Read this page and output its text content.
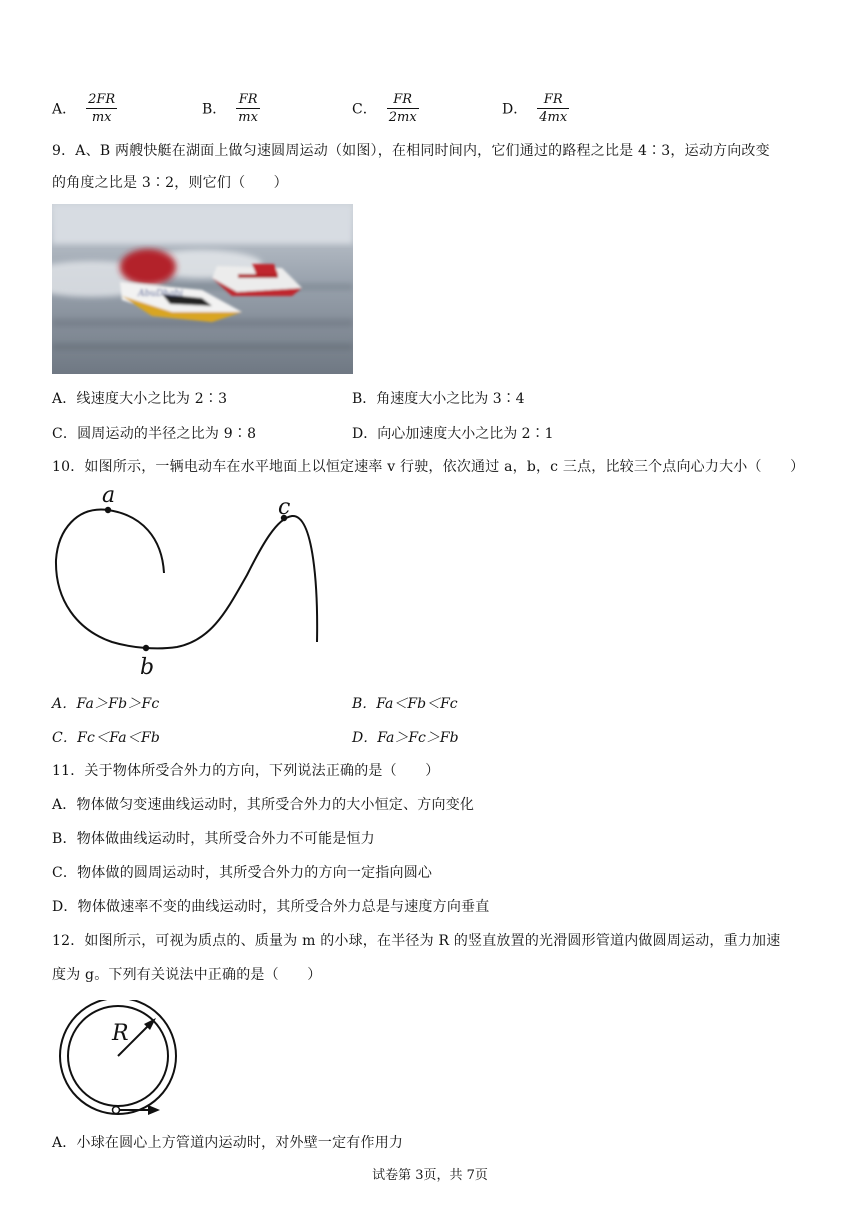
A． $\frac{2FR}{mx}$	B． $\frac{FR}{mx}$	C． $\frac{FR}{2mx}$	D． $\frac{FR}{4mx}$
9．A、B 两艘快艇在湖面上做匀速圆周运动（如图），在相同时间内，它们通过的路程之比是 4∶3，运动方向改变
的角度之比是 3∶2，则它们（　　）
AbuDhabi
A．线速度大小之比为 2∶3	B．角速度大小之比为 3∶4
C．圆周运动的半径之比为 9∶8	D．向心加速度大小之比为 2∶1
10．如图所示，一辆电动车在水平地面上以恒定速率 v 行驶，依次通过 a，b，c 三点，比较三个点向心力大小（　　）
a
b
c
A．Fa＞Fb＞Fc	B．Fa＜Fb＜Fc
C．Fc＜Fa＜Fb	D．Fa＞Fc＞Fb
11．关于物体所受合外力的方向，下列说法正确的是（　　）
A．物体做匀变速曲线运动时，其所受合外力的大小恒定、方向变化
B．物体做曲线运动时，其所受合外力不可能是恒力
C．物体做的圆周运动时，其所受合外力的方向一定指向圆心
D．物体做速率不变的曲线运动时，其所受合外力总是与速度方向垂直
12．如图所示，可视为质点的、质量为 m 的小球，在半径为 R 的竖直放置的光滑圆形管道内做圆周运动，重力加速
度为 g。下列有关说法中正确的是（　　）
R
A．小球在圆心上方管道内运动时，对外壁一定有作用力
试卷第 3页，共 7页
